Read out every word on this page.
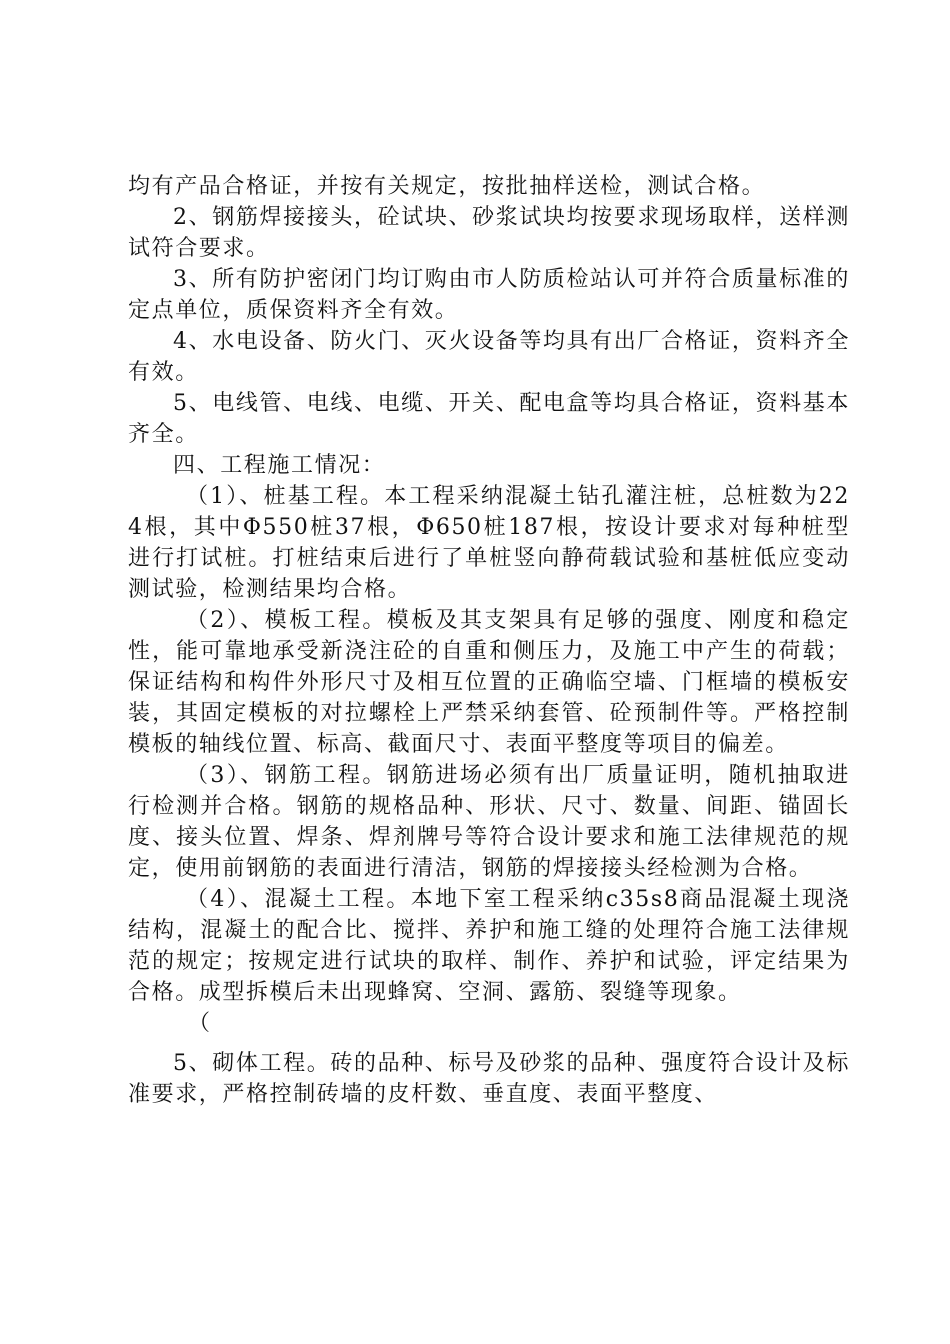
均有产品合格证，并按有关规定，按批抽样送检，测试合格。

2、钢筋焊接接头，砼试块、砂浆试块均按要求现场取样，送样测试符合要求。

3、所有防护密闭门均订购由市人防质检站认可并符合质量标准的定点单位，质保资料齐全有效。

4、水电设备、防火门、灭火设备等均具有出厂合格证，资料齐全有效。

5、电线管、电线、电缆、开关、配电盒等均具合格证，资料基本齐全。

四、工程施工情况：

（1）、桩基工程。本工程采纳混凝土钻孔灌注桩，总桩数为224根，其中Φ550桩37根，Φ650桩187根，按设计要求对每种桩型进行打试桩。打桩结束后进行了单桩竖向静荷载试验和基桩低应变动测试验，检测结果均合格。

（2）、模板工程。模板及其支架具有足够的强度、刚度和稳定性，能可靠地承受新浇注砼的自重和侧压力，及施工中产生的荷载；保证结构和构件外形尺寸及相互位置的正确临空墙、门框墙的模板安装，其固定模板的对拉螺栓上严禁采纳套管、砼预制件等。严格控制模板的轴线位置、标高、截面尺寸、表面平整度等项目的偏差。

（3）、钢筋工程。钢筋进场必须有出厂质量证明，随机抽取进行检测并合格。钢筋的规格品种、形状、尺寸、数量、间距、锚固长度、接头位置、焊条、焊剂牌号等符合设计要求和施工法律规范的规定，使用前钢筋的表面进行清洁，钢筋的焊接接头经检测为合格。

（4）、混凝土工程。本地下室工程采纳c35s8商品混凝土现浇结构，混凝土的配合比、搅拌、养护和施工缝的处理符合施工法律规范的规定；按规定进行试块的取样、制作、养护和试验，评定结果为合格。成型拆模后未出现蜂窝、空洞、露筋、裂缝等现象。

（

5、砌体工程。砖的品种、标号及砂浆的品种、强度符合设计及标准要求，严格控制砖墙的皮杆数、垂直度、表面平整度、
